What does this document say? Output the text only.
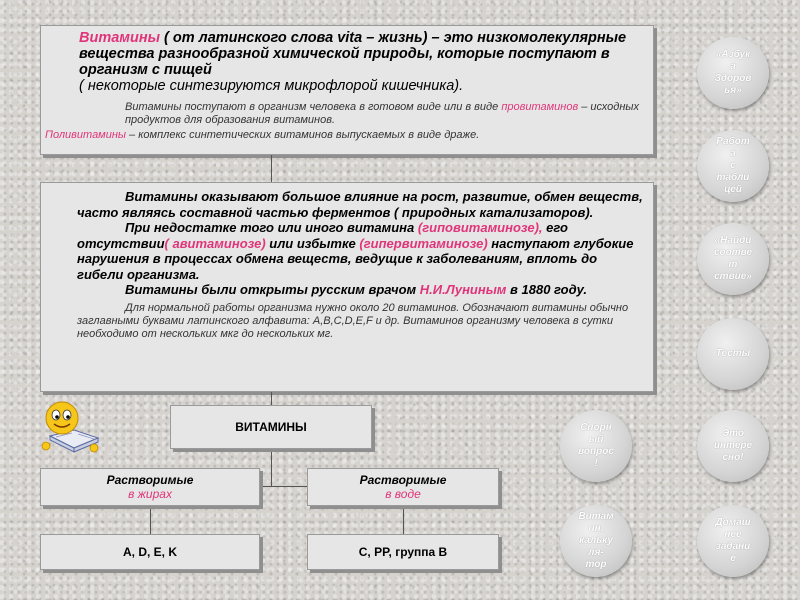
Витамины ( от латинского слова vita – жизнь) – это низкомолекулярные вещества разнообразной химической природы, которые поступают в организм с пищей
( некоторые синтезируются микрофлорой кишечника).
Витамины поступают в организм человека в готовом виде или в виде провитаминов – исходных продуктов для образования витаминов.
Поливитамины – комплекс синтетических витаминов выпускаемых в виде драже.
Витамины оказывают большое влияние на рост, развитие, обмен веществ, часто являясь составной частью ферментов ( природных катализаторов).
При недостатке того или иного витамина (гиповитаминозе), его отсутствии( авитаминозе) или избытке (гипервитаминозе) наступают глубокие нарушения в процессах обмена веществ, ведущие к заболеваниям, вплоть до гибели организма.
Витамины были открыты русским врачом Н.И.Луниным в 1880 году.
Для нормальной работы организма нужно около 20 витаминов. Обозначают витамины обычно заглавными буквами латинского алфавита: A,B,C,D,E,F и др. Витаминов организму человека в сутки необходимо от нескольких мкг до нескольких мг.
ВИТАМИНЫ
Растворимые
в жирах
Растворимые
в воде
A, D, E, K	C, PP, группа В
«Азбук
а
Здоров
ья»
Работ
а
с
табли
цей
«Найди
соотве
т
ствие»
Тесты
Это
интере
сно!
Домаш
нее
задани
е
Спорн
ый
вопрос
!
Витам
ин.
кальку
ля-
тор
